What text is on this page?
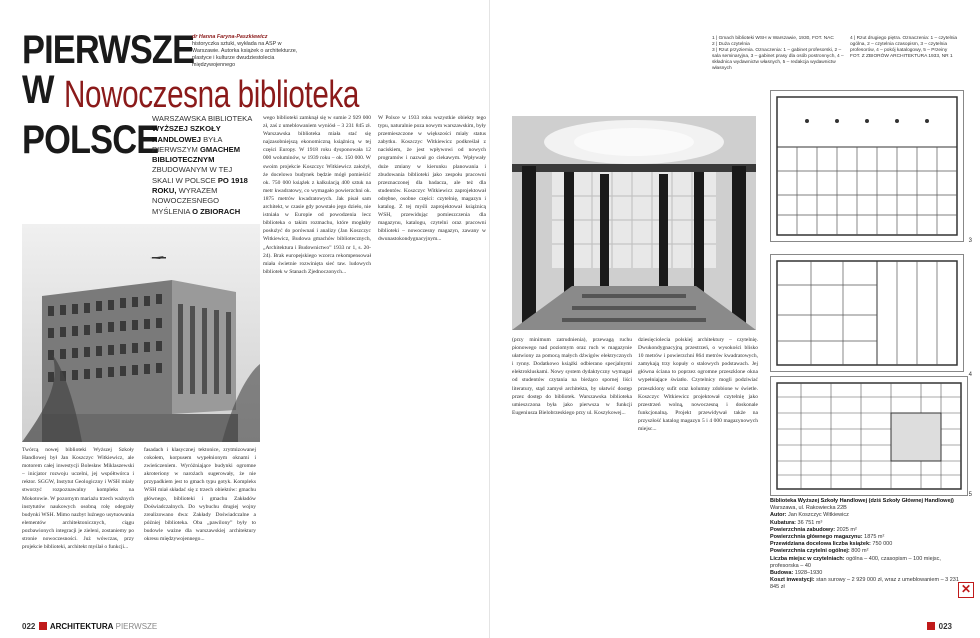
PIERWSZE
W Nowoczesna biblioteka
POLSCE
dr Hanna Faryna-Paszkiewicz
historyczka sztuki, wykłada na ASP w Warszawie. Autorka książek o architekturze, plastyce i kulturze dwudziestolecia międzywojennego
WARSZAWSKA BIBLIOTEKA WYŻSZEJ SZKOŁY HANDLOWEJ BYŁA PIERWSZYM GMACHEM BIBLIOTECZNYM ZBUDOWANYM W TEJ SKALI W POLSCE PO 1918 ROKU, WYRAZEM NOWOCZESNEGO MYŚLENIA O ZBIORACH
Twórcą nowej biblioteki Wyższej Szkoły Handlowej był Jan Koszczyc Witkiewicz, ale motorem całej inwestycji Bolesław Miklaszewski – inicjator rozwoju uczelni, jej współtwórca i rektor. SGGW, Instytut Geologiczny i WSH miały stworzyć rozpoznawalny kompleks na Mokotowie. W pozornym mariażu trzech ważnych instytutów naukowych osobną rolę odegrały budynki WSH. Mimo nazbyt luźnego usytuowania elementów architektonicznych, ciągu pozbawionych integracji je zieleni, zostaniemy po stronie nowoczesności. Już wówczas, przy projekcie biblioteki, architekt myślał o funkcji...
fasadach i klasycznej tektonice, zrytmizowanej cokołem, korpusem wypełnionym oknami i zwieńczeniem. Wyróżniające budynki ogromne akroteriony w narożach sugerowały, że nie przypadkiem jest to gmach typu gotyk. Kompleks WSH miał składać się z trzech obiektów: gmachu głównego, biblioteki i gmachu Zakładów Doświadczalnych. Do wybuchu drugiej wojny zrealizowano dwa: Zakłady Doświadczalne a później biblioteka. Oba „pawilony” były to budowle ważne dla warszawskiej architektury okresu międzywojennego...
wego biblioteki zamknął się w sumie 2 929 000 zł, zaś z umeblowaniem wyniósł – 3 231 845 zł. Warszawska biblioteka miała stać się najzasobniejszą ekonomiczną książnicą w tej części Europy. W 1918 roku dysponowała 12 000 woluminów, w 1939 roku – ok. 150 000. W swoim projekcie Koszczyc Witkiewicz założył, że docelowo budynek będzie mógł pomieścić ok. 750 000 książek z kalkulacją 400 sztuk na metr kwadratowy, co wymagało powierzchni ok. 1875 metrów kwadratowych. Jak pisał sam architekt, w czasie gdy powstało jego dzieło, nie istniała w Europie od powodzenia lecz biblioteka o takim rozmachu, które mogłaby posłużyć do porównań i analizy (Jan Koszczyc Witkiewicz, Budowa gmachów bibliotecznych, „Architektura i Budownictwo” 1933 nr 1, s. 20-24). Brak europejskiego wzorca rekompensował miała świetnie rozwinięta sieć taw. ludowych bibliotek w Stanach Zjednoczonych...
W Polsce w 1933 roku wszystkie obiekty tego typu, naturalnie poza nowym warszawskim, były przemieszczone w większości miały status zabytku. Koszczyc Witkiewicz podkreślał z naciskiem, że jest wpływowi od nowych programów i nazwał go ciekawym. Wpływały duże zmiany w kierunku planowania i zbudowania biblioteki jako zespołu pracowni przeznaczonej dla badacza, ale też dla studentów. Koszczyc Witkiewicz zaprojektował odrębne, osobne części: czytelnię, magazyn i katalog. Z tej myśli zaprojektował książnicą WSH, przewidując pomieszczenia dla magazynu, katalogu, czytelni oraz pracowni biblioteki – nowoczesny magazyn, zawany w dwunastokondygnacyjnym...
022 ARCHITEKTURA PIERWSZE
1 | Gmach biblioteki WSH w Warszawie, 1930, FOT. NAC
2 | Duża czytelnia
3 | Rzut przyziemia. Oznaczenia: 1 – gabinet profesorski, 2 – sala seminaryjna, 3 – gabinet prasy dla osób postronnych, 4 – składnica wydawnictw własnych, 5 – redakcja wydawnictw własnych
4 | Rzut drugiego piętra. Oznaczenia: 1 – czytelnia ogólna, 2 – czytelnia czasopism, 3 – czytelnia profesorów, 4 – pokój katalogowy, 5 – Przeiny
FOT. Z ZBIORÓW ARCHITEKTURA 1933, NR 1
3
4
5
(przy minimum zatrudnienia), przewagą ruchu pionowego nad poziomym oraz ruch w magazynie ułatwiony za pomocą małych dźwigów elektrycznych i rynny. Dodatkowo książki odbierano specjalnymi elektrokluskami. Nowy system dydaktyczny wymagał od studentów czytania na bieżąco spornej liści literatury, stąd zamysł architekta, by ułatwić dostęp przez dostęp do bibliotek. Warszawska biblioteka umieszczona była jako pierwsza w funkcji Eugeniusza Bielobrzeskiego przy ul. Koszykowej...
dziesięciolecia polskiej architektury – czytelnię. Dwukondygnacyjną przestrzeń, o wysokości blisko 10 metrów i powierzchni 864 metrów kwadratowych, zamykają trzy kopuły o stalowych podstawach. Jej główna ściana to poprzez ogromne przeszklone okna wypełniające światło. Czytelnicy mogli podziwiać przeszklony sufit oraz kolumny zdobione w świetle. Koszczyc Witkiewicz projektował czytelnię jako przestrzeń wolną, nowoczesną i doskonale funkcjonalną. Projekt przewidywał także na przyszłość katalog magazyn 5 i 4 000 magazynowych miejsc...
Biblioteka Wyższej Szkoły Handlowej (dziś Szkoły Głównej Handlowej)
Warszawa, ul. Rakowiecka 22B
Autor: Jan Koszczyc Witkiewicz
Kubatura: 36 751 m³
Powierzchnia zabudowy: 2025 m²
Powierzchnia głównego magazynu: 1875 m²
Przewidziana docelowa liczba książek: 750 000
Powierzchnia czytelni ogólnej: 800 m²
Liczba miejsc w czytelniach: ogólna – 400, czasopism – 100 miejsc, profesorska – 40
Budowa: 1928–1930
Koszt inwestycji: stan surowy – 2 929 000 zł, wraz z umeblowaniem – 3 231 845 zł	✕
023
